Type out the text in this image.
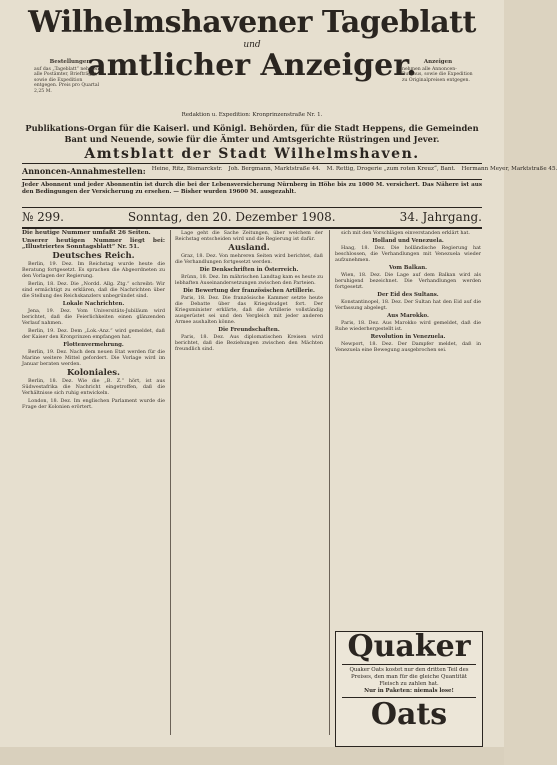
Wilhelmshavener Tageblatt
und
amtlicher Anzeiger.
Bestellungen
auf das „Tageblatt“ nehmen alle Postämter, Briefträger, sowie die Expedition entgegen. Preis pro Quartal 2,25 M.
Anzeigen
nehmen alle Annoncen-Bureaus, sowie die Expedition zu Originalpreisen entgegen.
Redaktion u. Expedition: Kronprinzenstraße Nr. 1.
Publikations-Organ für die Kaiserl. und Königl. Behörden, für die Stadt Heppens, die Gemeinden Bant und Neuende, sowie für die Ämter und Amtsgerichte Rüstringen und Jever.
Amtsblatt der Stadt Wilhelmshaven.
Annoncen-Annahmestellen: Heine, Ritz, Bismarckstr. Joh. Bergmann, Marktstraße 44. M. Rettig, Drogerie „zum roten Kreuz“, Bant. Hermann Meyer, Marktstraße 45.
Jeder Abonnent und jeder Abonnentin ist durch die bei der Lebensversicherung Nürnberg in Höhe bis zu 1000 M. versichert. Das Nähere ist aus den Bedingungen der Versicherung zu ersehen. — Bisher wurden 19600 M. ausgezahlt.
№ 299.	Sonntag, den 20. Dezember 1908.	34. Jahrgang.

Die heutige Nummer umfaßt 26 Seiten.

Unserer heutigen Nummer liegt bei: „Illustriertes Sonntagsblatt“ Nr. 51.

Deutsches Reich.

Berlin, 19. Dez. Im Reichstag wurde heute die Beratung fortgesetzt. Es sprachen die Abgeordneten zu den Vorlagen der Regierung.

Berlin, 18. Dez. Die „Nordd. Allg. Ztg.“ schreibt: Wir sind ermächtigt zu erklären, daß die Nachrichten über die Stellung des Reichskanzlers unbegründet sind.

Lokale Nachrichten.

Jena, 19. Dez. Vom Universitäts-Jubiläum wird berichtet, daß die Feierlichkeiten einen glänzenden Verlauf nahmen.

Berlin, 19. Dez. Dem „Lok.-Anz.“ wird gemeldet, daß der Kaiser den Kronprinzen empfangen hat.

Flottenvermehrung.

Berlin, 19. Dez. Nach dem neuen Etat werden für die Marine weitere Mittel gefordert. Die Vorlage wird im Januar beraten werden.

Koloniales.

Berlin, 18. Dez. Wie die „B. Z.“ hört, ist aus Südwestafrika die Nachricht eingetroffen, daß die Verhältnisse sich ruhig entwickeln.

London, 18. Dez. Im englischen Parlament wurde die Frage der Kolonien erörtert.

Lage geht die Sache Zeitungen, über welchem der Reichstag entscheiden wird und die Regierung ist dafür.

Ausland.

Graz, 18. Dez. Von mehreren Seiten wird berichtet, daß die Verhandlungen fortgesetzt werden.

Die Denkschriften in Österreich.

Brünn, 18. Dez. Im mährischen Landtag kam es heute zu lebhaften Auseinandersetzungen zwischen den Parteien.

Die Bewertung der französischen Artillerie.

Paris, 18. Dez. Die französische Kammer setzte heute die Debatte über das Kriegsbudget fort. Der Kriegsminister erklärte, daß die Artillerie vollständig ausgerüstet sei und den Vergleich mit jeder anderen Armee aushalten könne.

Die Freundschaften.

Paris, 18. Dez. Aus diplomatischen Kreisen wird berichtet, daß die Beziehungen zwischen den Mächten freundlich sind.

sich mit den Vorschlägen einverstanden erklärt hat.

Holland und Venezuela.

Haag, 18. Dez. Die holländische Regierung hat beschlossen, die Verhandlungen mit Venezuela wieder aufzunehmen.

Vom Balkan.

Wien, 18. Dez. Die Lage auf dem Balkan wird als beruhigend bezeichnet. Die Verhandlungen werden fortgesetzt.

Der Eid des Sultans.

Konstantinopel, 18. Dez. Der Sultan hat den Eid auf die Verfassung abgelegt.

Aus Marokko.

Paris, 18. Dez. Aus Marokko wird gemeldet, daß die Ruhe wiederhergestellt ist.

Revolution in Venezuela.

Newport, 18. Dez. Der Dampfer meldet, daß in Venezuela eine Bewegung ausgebrochen sei.

Quaker
Quaker Oats kostet nur den dritten Teil des Preises, den man für die gleiche Quantität Fleisch zu zahlen hat.
Nur in Paketen: niemals lose!
Oats
